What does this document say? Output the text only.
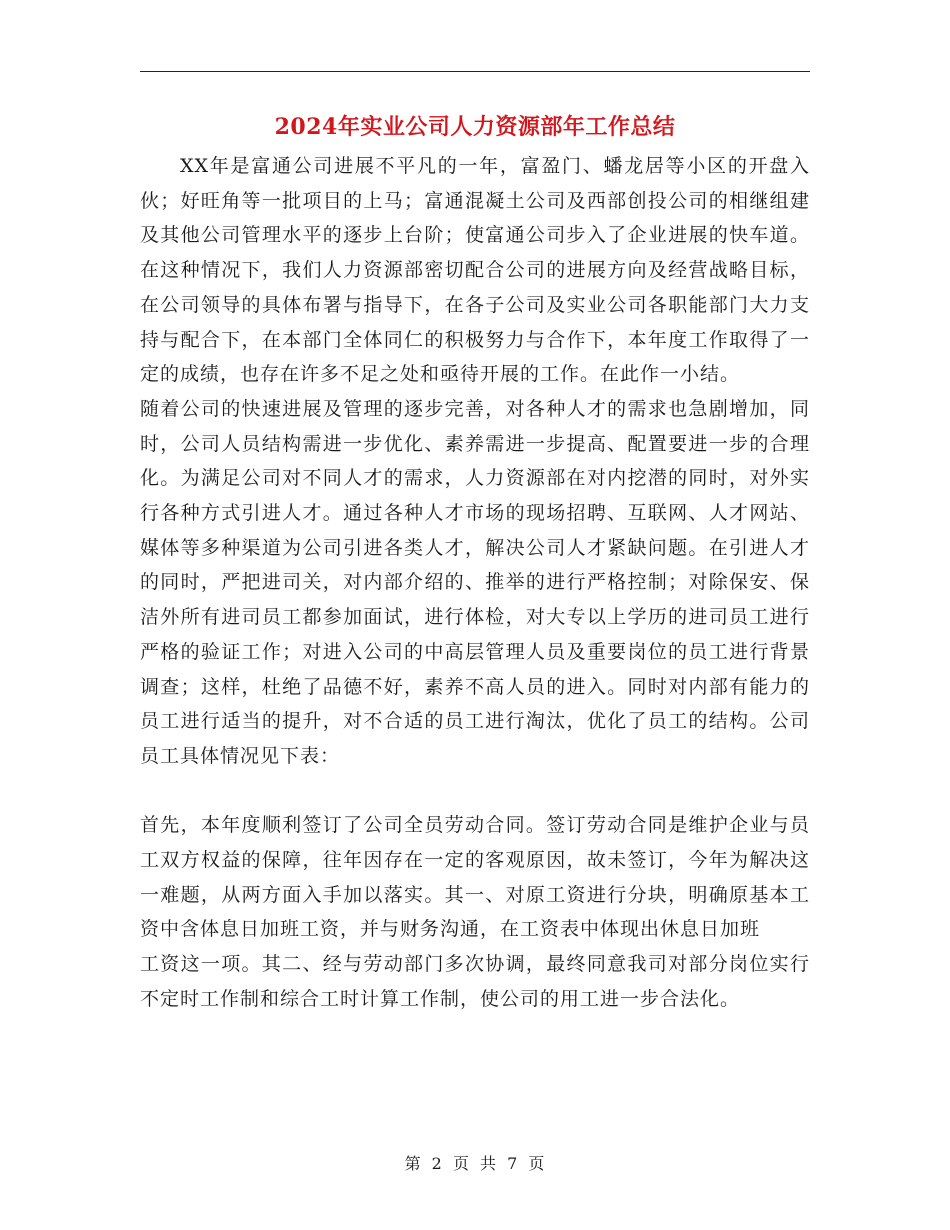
2024年实业公司人力资源部年工作总结

XX年是富通公司进展不平凡的一年，富盈门、蟠龙居等小区的开盘入伙；好旺角等一批项目的上马；富通混凝土公司及西部创投公司的相继组建及其他公司管理水平的逐步上台阶；使富通公司步入了企业进展的快车道。在这种情况下，我们人力资源部密切配合公司的进展方向及经营战略目标，在公司领导的具体布署与指导下，在各子公司及实业公司各职能部门大力支持与配合下，在本部门全体同仁的积极努力与合作下，本年度工作取得了一定的成绩，也存在许多不足之处和亟待开展的工作。在此作一小结。

随着公司的快速进展及管理的逐步完善，对各种人才的需求也急剧增加，同时，公司人员结构需进一步优化、素养需进一步提高、配置要进一步的合理化。为满足公司对不同人才的需求，人力资源部在对内挖潜的同时，对外实行各种方式引进人才。通过各种人才市场的现场招聘、互联网、人才网站、媒体等多种渠道为公司引进各类人才，解决公司人才紧缺问题。在引进人才的同时，严把进司关，对内部介绍的、推举的进行严格控制；对除保安、保洁外所有进司员工都参加面试，进行体检，对大专以上学历的进司员工进行严格的验证工作；对进入公司的中高层管理人员及重要岗位的员工进行背景调查；这样，杜绝了品德不好，素养不高人员的进入。同时对内部有能力的员工进行适当的提升，对不合适的员工进行淘汰，优化了员工的结构。公司员工具体情况见下表：

首先，本年度顺利签订了公司全员劳动合同。签订劳动合同是维护企业与员工双方权益的保障，往年因存在一定的客观原因，故未签订，今年为解决这一难题，从两方面入手加以落实。其一、对原工资进行分块，明确原基本工资中含体息日加班工资，并与财务沟通，在工资表中体现出休息日加班

工资这一项。其二、经与劳动部门多次协调，最终同意我司对部分岗位实行不定时工作制和综合工时计算工作制，使公司的用工进一步合法化。

第 2 页 共 7 页
